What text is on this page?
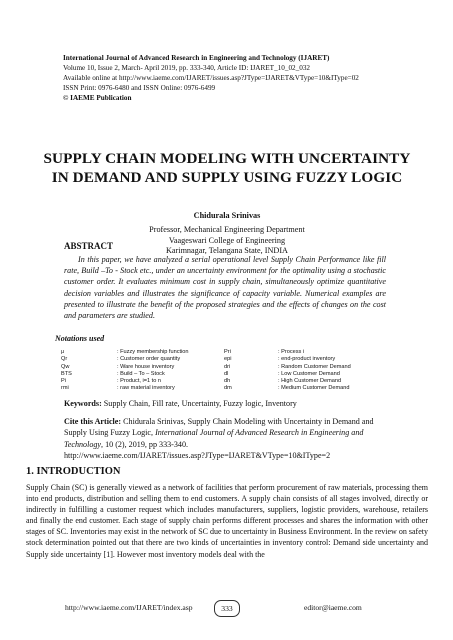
International Journal of Advanced Research in Engineering and Technology (IJARET)
Volume 10, Issue 2, March- April 2019, pp. 333-340, Article ID: IJARET_10_02_032
Available online at http://www.iaeme.com/IJARET/issues.asp?JType=IJARET&VType=10&IType=02
ISSN Print: 0976-6480 and ISSN Online: 0976-6499
© IAEME Publication
SUPPLY CHAIN MODELING WITH UNCERTAINTY IN DEMAND AND SUPPLY USING FUZZY LOGIC
Chidurala Srinivas
Professor, Mechanical Engineering Department
Vaageswari College of Engineering
Karimnagar, Telangana State, INDIA
ABSTRACT
In this paper, we have analyzed a serial operational level Supply Chain Performance like fill rate, Build –To - Stock etc., under an uncertainty environment for the optimality using a stochastic customer order. It evaluates minimum cost in supply chain, simultaneously optimize quantitative decision variables and illustrates the significance of capacity variable. Numerical examples are presented to illustrate the benefit of the proposed strategies and the effects of changes on the cost and parameters are studied.
Notations used
μ
Qr
Qw
BTS
Pi
rmi
: Fuzzy membership function
: Customer order quantity
: Ware house inventory
: Build – To – Stock
: Product, i=1 to n
: raw material inventory
Pri
epi
dri
dl
dh
dm
: Process i
: end-product inventory
: Random Customer Demand
: Low Customer Demand
: High Customer Demand
: Medium Customer Demand
Keywords: Supply Chain, Fill rate, Uncertainty, Fuzzy logic, Inventory
Cite this Article: Chidurala Srinivas, Supply Chain Modeling with Uncertainty in Demand and Supply Using Fuzzy Logic, International Journal of Advanced Research in Engineering and Technology, 10 (2), 2019, pp 333-340.
http://www.iaeme.com/IJARET/issues.asp?JType=IJARET&VType=10&IType=2
1. INTRODUCTION
Supply Chain (SC) is generally viewed as a network of facilities that perform procurement of raw materials, processing them into end products, distribution and selling them to end customers. A supply chain consists of all stages involved, directly or indirectly in fulfilling a customer request which includes manufacturers, suppliers, logistic providers, warehouse, retailers and finally the end customer. Each stage of supply chain performs different processes and shares the information with other stages of SC. Inventories may exist in the network of SC due to uncertainty in Business Environment. In the review on safety stock determination pointed out that there are two kinds of uncertainties in inventory control: Demand side uncertainty and Supply side uncertainty [1]. However most inventory models deal with the
http://www.iaeme.com/IJARET/index.asp	333	editor@iaeme.com
